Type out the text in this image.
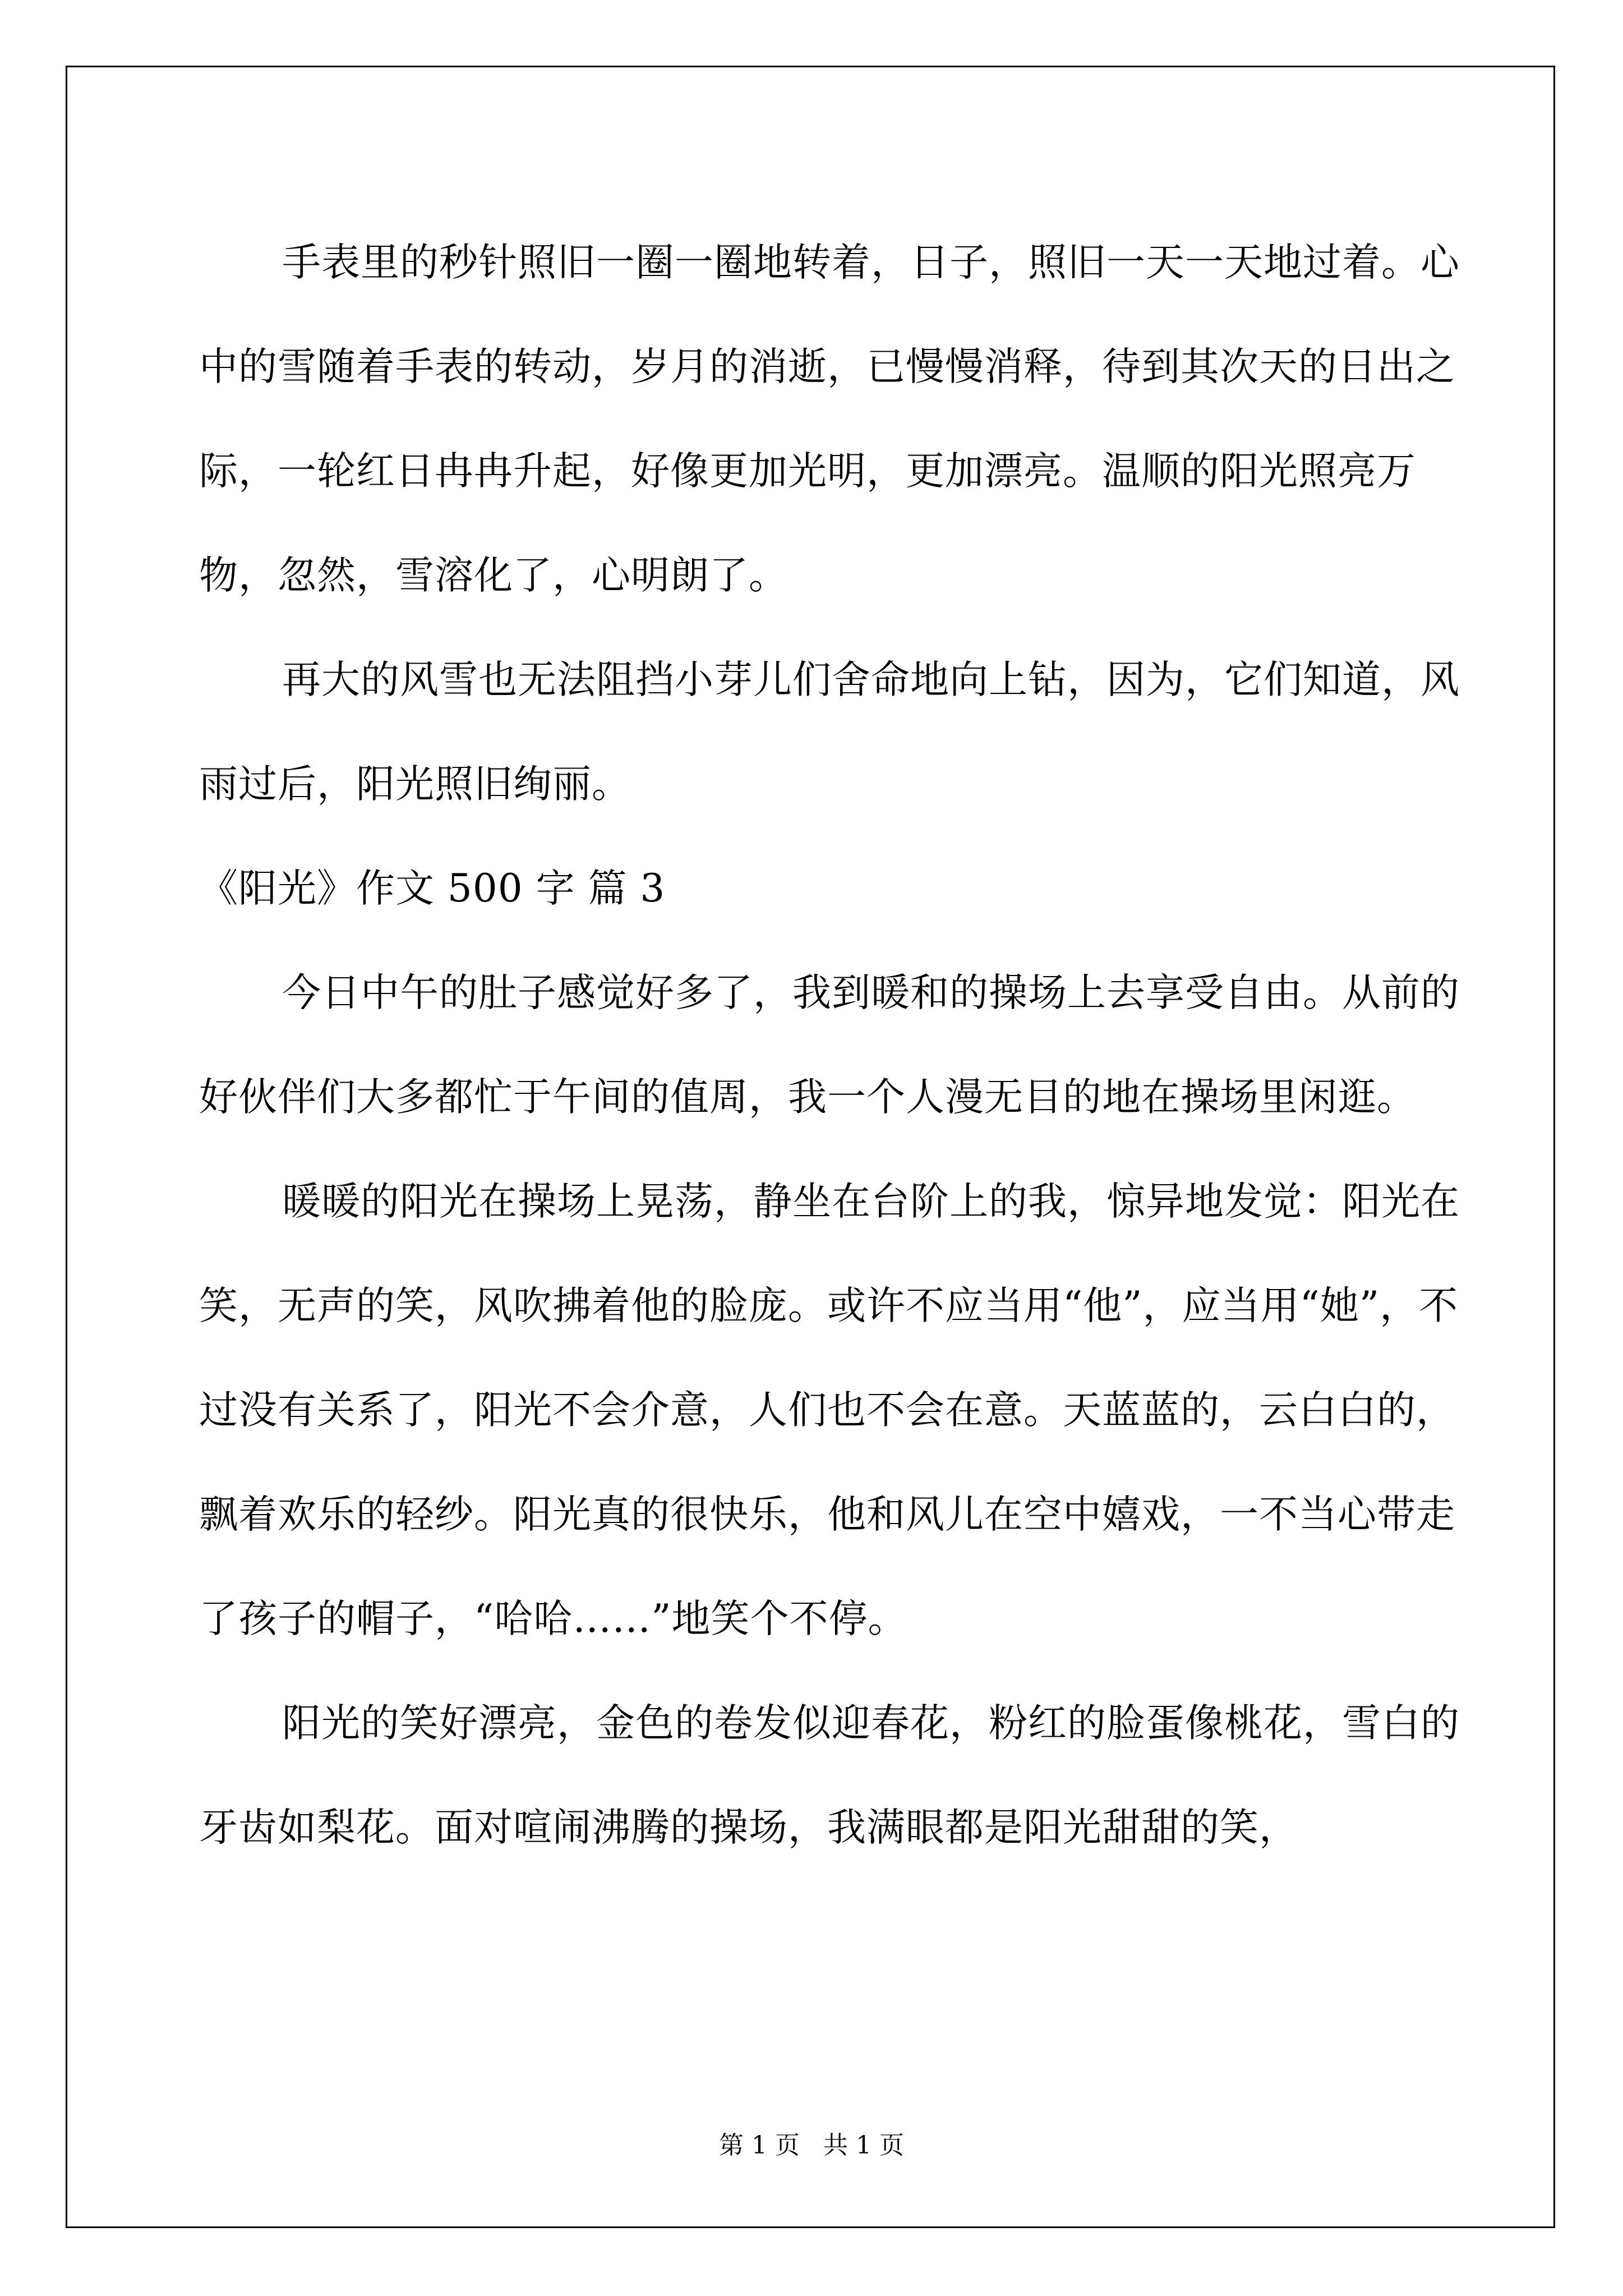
手表里的秒针照旧一圈一圈地转着，日子，照旧一天一天地过着。心中的雪随着手表的转动，岁月的消逝，已慢慢消释，待到其次天的日出之际，一轮红日冉冉升起，好像更加光明，更加漂亮。温顺的阳光照亮万物，忽然，雪溶化了，心明朗了。

再大的风雪也无法阻挡小芽儿们舍命地向上钻，因为，它们知道，风雨过后，阳光照旧绚丽。

《阳光》作文 500 字 篇 3

今日中午的肚子感觉好多了，我到暖和的操场上去享受自由。从前的好伙伴们大多都忙于午间的值周，我一个人漫无目的地在操场里闲逛。

暖暖的阳光在操场上晃荡，静坐在台阶上的我，惊异地发觉：阳光在笑，无声的笑，风吹拂着他的脸庞。或许不应当用“他”，应当用“她”，不过没有关系了，阳光不会介意，人们也不会在意。天蓝蓝的，云白白的，飘着欢乐的轻纱。阳光真的很快乐，他和风儿在空中嬉戏，一不当心带走了孩子的帽子，“哈哈……”地笑个不停。

阳光的笑好漂亮，金色的卷发似迎春花，粉红的脸蛋像桃花，雪白的牙齿如梨花。面对喧闹沸腾的操场，我满眼都是阳光甜甜的笑，

第 1 页   共 1 页
